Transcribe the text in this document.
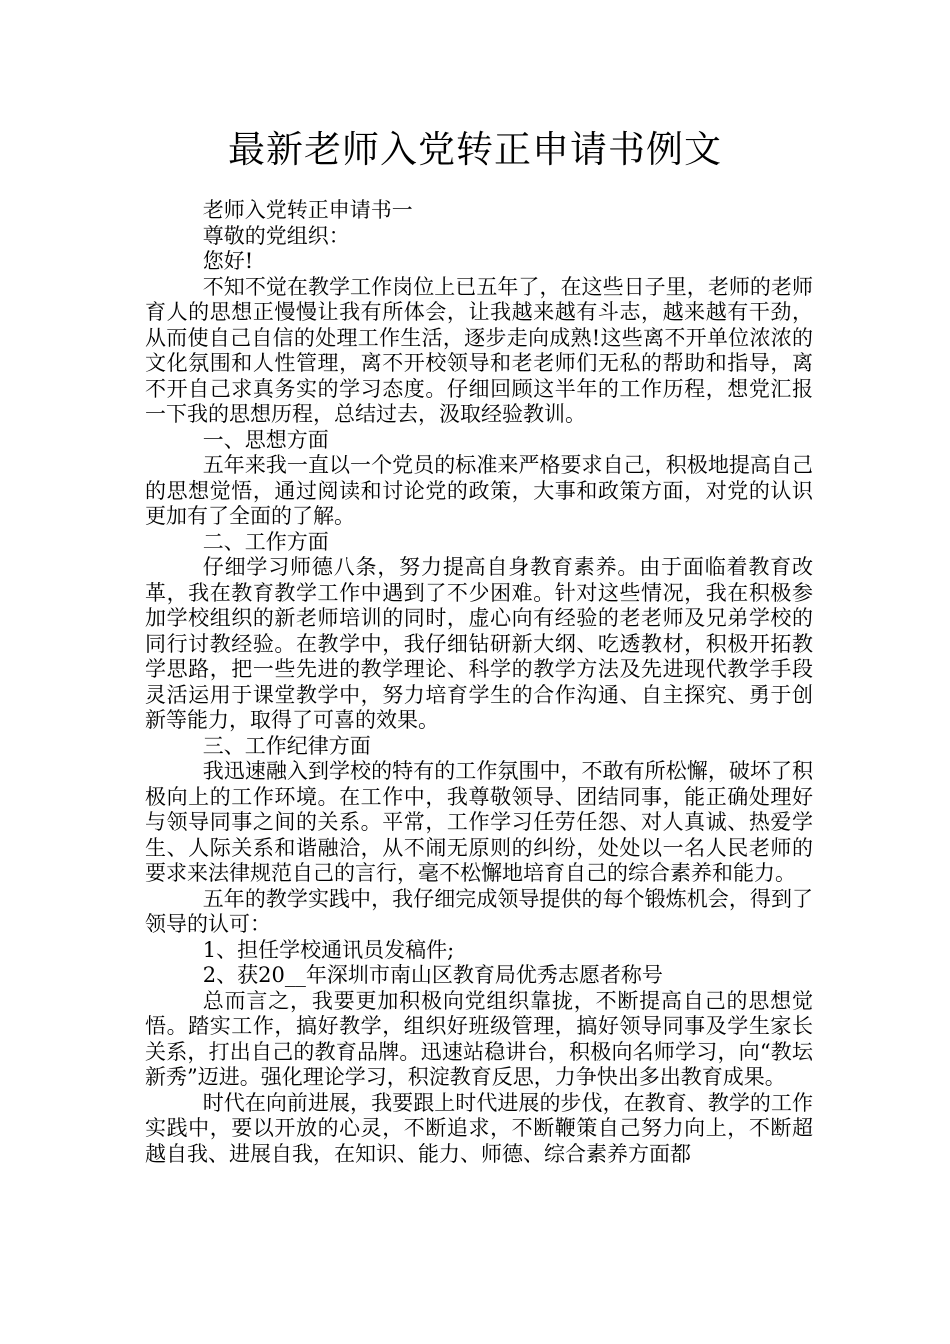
最新老师入党转正申请书例文

老师入党转正申请书一

尊敬的党组织：

您好!

不知不觉在教学工作岗位上已五年了，在这些日子里，老师的老师育人的思想正慢慢让我有所体会，让我越来越有斗志，越来越有干劲，从而使自己自信的处理工作生活，逐步走向成熟!这些离不开单位浓浓的文化氛围和人性管理，离不开校领导和老老师们无私的帮助和指导，离不开自己求真务实的学习态度。仔细回顾这半年的工作历程，想党汇报一下我的思想历程，总结过去，汲取经验教训。

一、思想方面

五年来我一直以一个党员的标准来严格要求自己，积极地提高自己的思想觉悟，通过阅读和讨论党的政策，大事和政策方面，对党的认识更加有了全面的了解。

二、工作方面

仔细学习师德八条，努力提高自身教育素养。由于面临着教育改革，我在教育教学工作中遇到了不少困难。针对这些情况，我在积极参加学校组织的新老师培训的同时，虚心向有经验的老老师及兄弟学校的同行讨教经验。在教学中，我仔细钻研新大纲、吃透教材，积极开拓教学思路，把一些先进的教学理论、科学的教学方法及先进现代教学手段灵活运用于课堂教学中，努力培育学生的合作沟通、自主探究、勇于创新等能力，取得了可喜的效果。

三、工作纪律方面

我迅速融入到学校的特有的工作氛围中，不敢有所松懈，破坏了积极向上的工作环境。在工作中，我尊敬领导、团结同事，能正确处理好与领导同事之间的关系。平常，工作学习任劳任怨、对人真诚、热爱学生、人际关系和谐融洽，从不闹无原则的纠纷，处处以一名人民老师的要求来法律规范自己的言行，毫不松懈地培育自己的综合素养和能力。

五年的教学实践中，我仔细完成领导提供的每个锻炼机会，得到了领导的认可：

1、担任学校通讯员发稿件;

2、获20__年深圳市南山区教育局优秀志愿者称号

总而言之，我要更加积极向党组织靠拢，不断提高自己的思想觉悟。踏实工作，搞好教学，组织好班级管理，搞好领导同事及学生家长关系，打出自己的教育品牌。迅速站稳讲台，积极向名师学习，向“教坛新秀”迈进。强化理论学习，积淀教育反思，力争快出多出教育成果。

时代在向前进展，我要跟上时代进展的步伐，在教育、教学的工作实践中，要以开放的心灵，不断追求，不断鞭策自己努力向上，不断超越自我、进展自我，在知识、能力、师德、综合素养方面都
